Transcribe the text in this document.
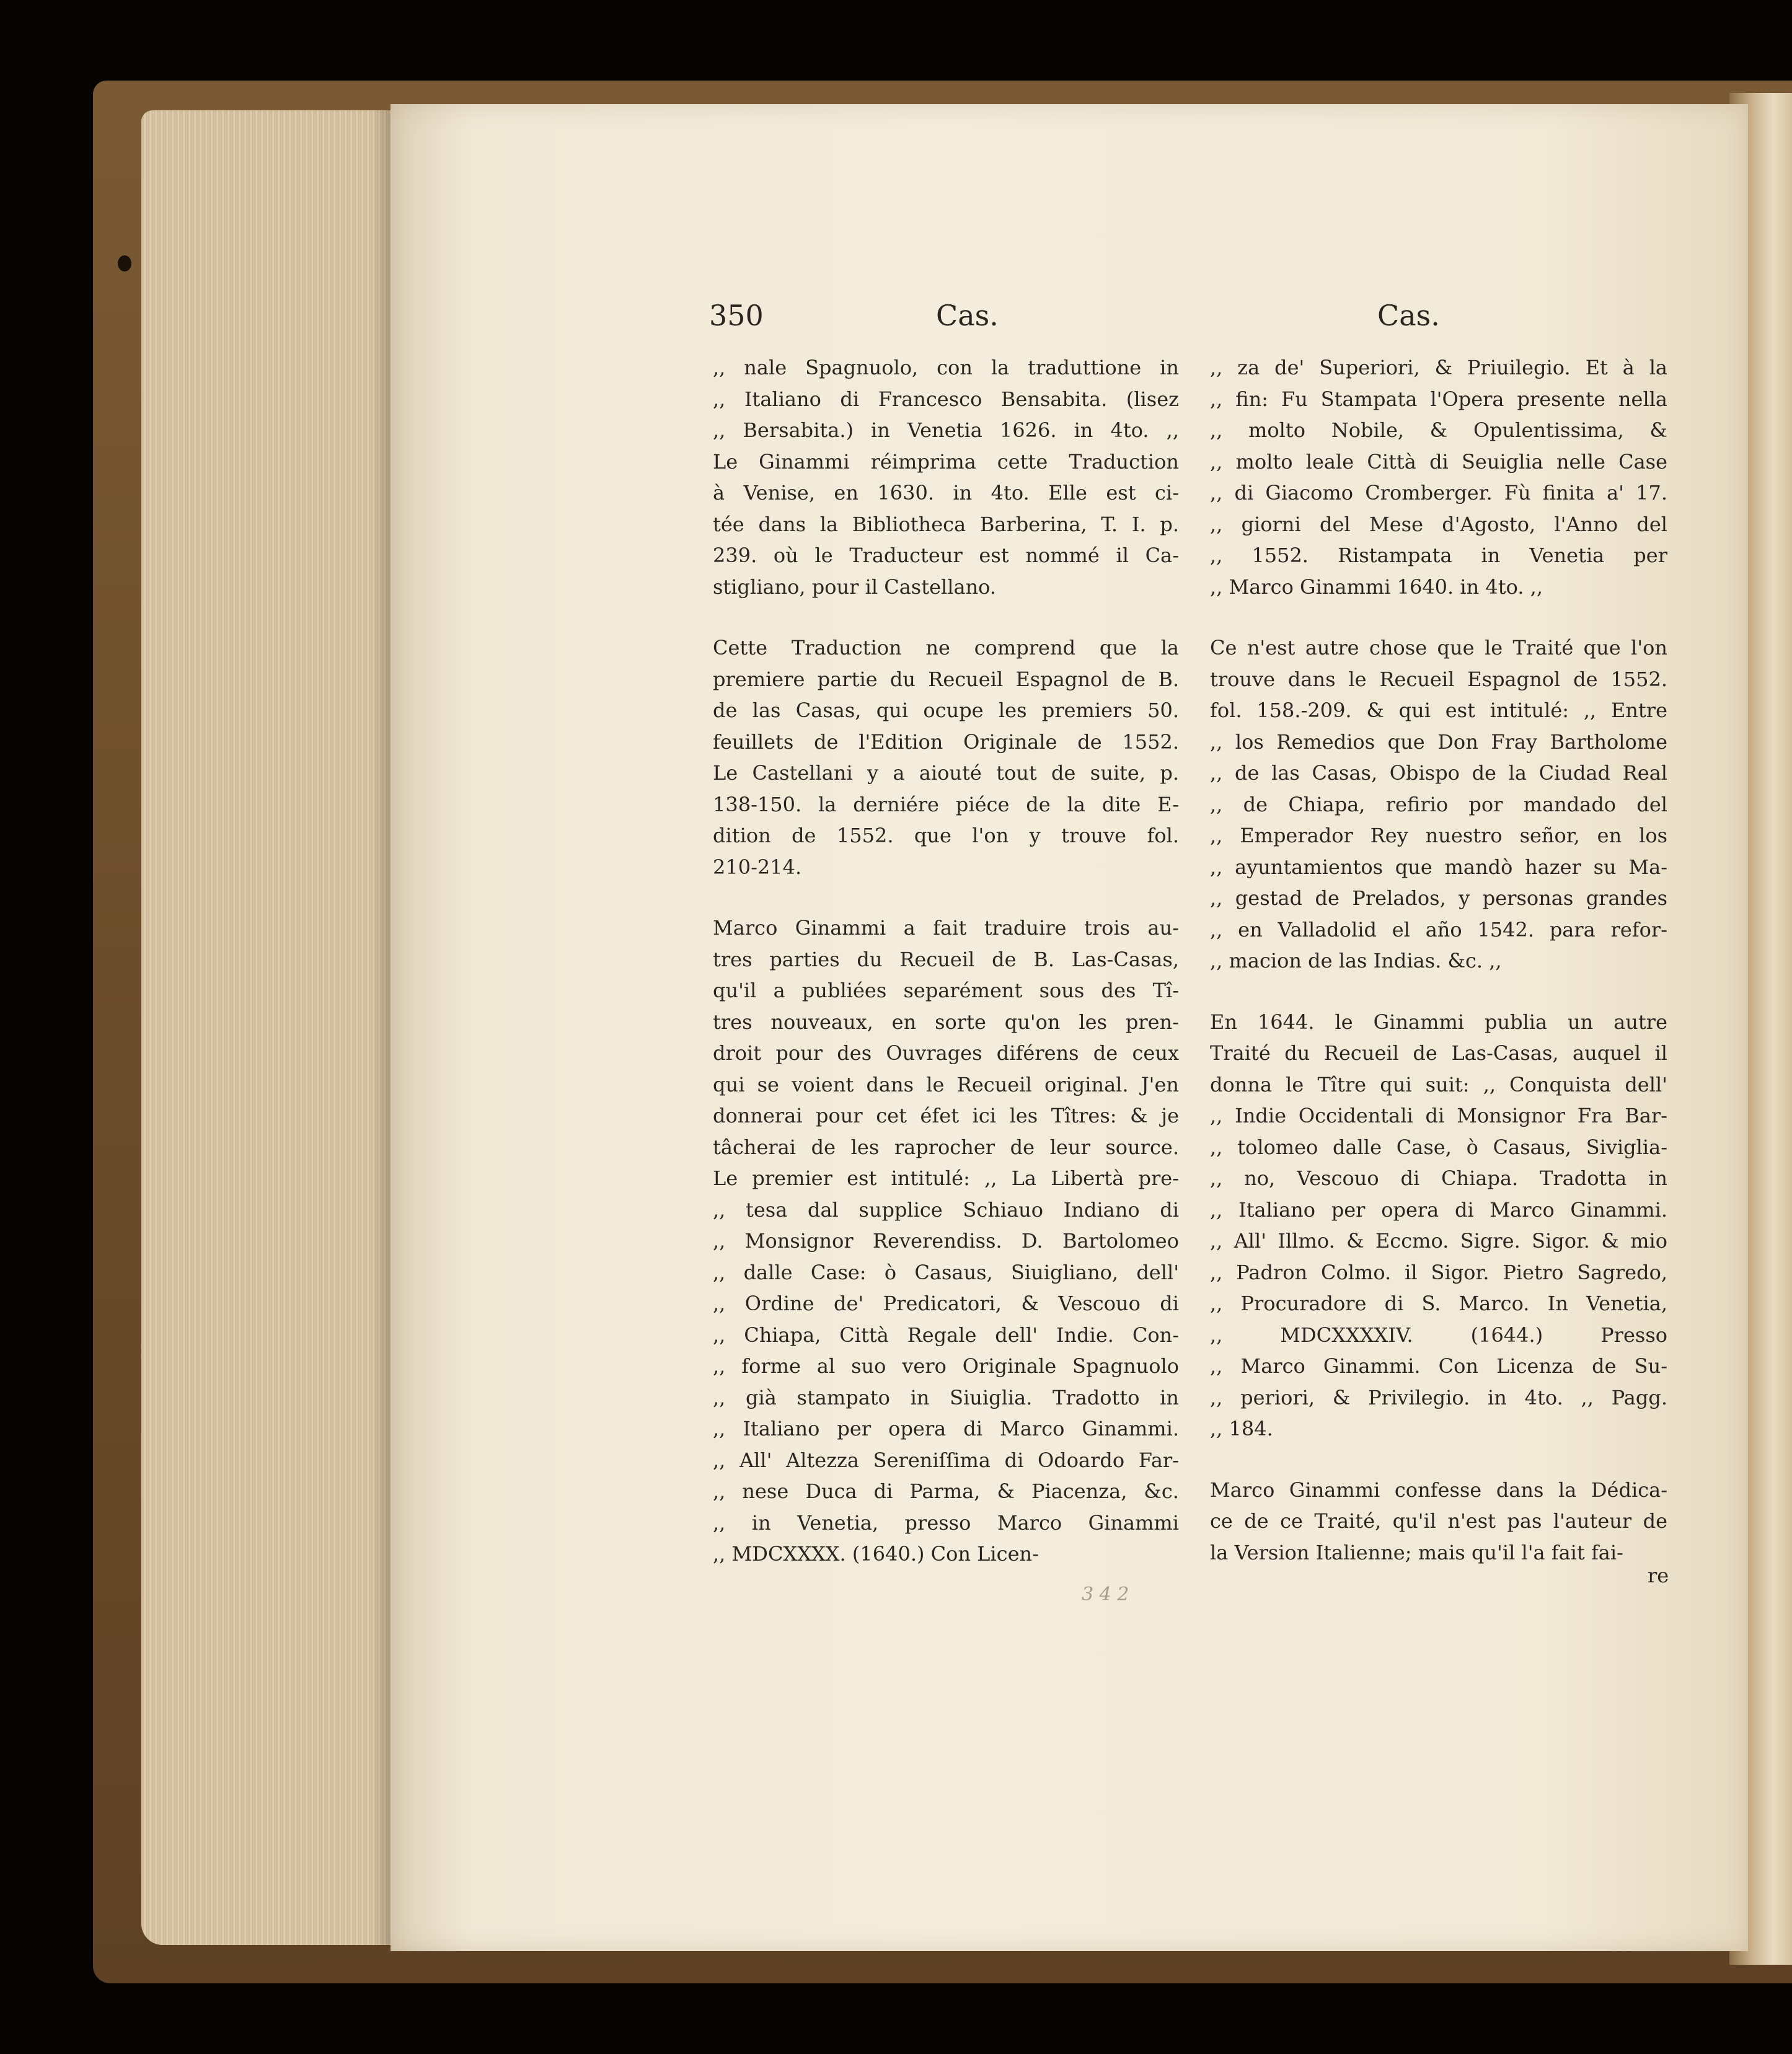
350	Cas.	Cas.
,, nale Spagnuolo, con la traduttione in
,, Italiano di Francesco Bensabita. (lisez
,, Bersabita.) in Venetia 1626. in 4to. ,,
Le Ginammi réimprima cette Traduction
à Venise, en 1630. in 4to. Elle est ci-
tée dans la Bibliotheca Barberina, T. I. p.
239. où le Traducteur est nommé il Ca-
stigliano, pour il Castellano.
Cette Traduction ne comprend que la
premiere partie du Recueil Espagnol de B.
de las Casas, qui ocupe les premiers 50.
feuillets de l'Edition Originale de 1552.
Le Castellani y a aiouté tout de suite, p.
138-150. la derniére piéce de la dite E-
dition de 1552. que l'on y trouve fol.
210-214.
Marco Ginammi a fait traduire trois au-
tres parties du Recueil de B. Las-Casas,
qu'il a publiées separément sous des Tî-
tres nouveaux, en sorte qu'on les pren-
droit pour des Ouvrages diférens de ceux
qui se voient dans le Recueil original. J'en
donnerai pour cet éfet ici les Tîtres: & je
tâcherai de les raprocher de leur source.
Le premier est intitulé: ,, La Libertà pre-
,, tesa dal supplice Schiauo Indiano di
,, Monsignor Reverendiss. D. Bartolomeo
,, dalle Case: ò Casaus, Siuigliano, dell'
,, Ordine de' Predicatori, & Vescouo di
,, Chiapa, Città Regale dell' Indie. Con-
,, forme al suo vero Originale Spagnuolo
,, già stampato in Siuiglia. Tradotto in
,, Italiano per opera di Marco Ginammi.
,, All' Altezza Sereniſſima di Odoardo Far-
,, nese Duca di Parma, & Piacenza, &c.
,, in Venetia, presso Marco Ginammi
,, MDCXXXX. (1640.) Con Licen-
,, za de' Superiori, & Priuilegio. Et à la
,, fin: Fu Stampata l'Opera presente nella
,, molto Nobile, & Opulentissima, &
,, molto leale Città di Seuiglia nelle Case
,, di Giacomo Cromberger. Fù finita a' 17.
,, giorni del Mese d'Agosto, l'Anno del
,, 1552. Ristampata in Venetia per
,, Marco Ginammi 1640. in 4to. ,,
Ce n'est autre chose que le Traité que l'on
trouve dans le Recueil Espagnol de 1552.
fol. 158.-209. & qui est intitulé: ,, Entre
,, los Remedios que Don Fray Bartholome
,, de las Casas, Obispo de la Ciudad Real
,, de Chiapa, refirio por mandado del
,, Emperador Rey nuestro señor, en los
,, ayuntamientos que mandò hazer su Ma-
,, gestad de Prelados, y personas grandes
,, en Valladolid el año 1542. para refor-
,, macion de las Indias. &c. ,,
En 1644. le Ginammi publia un autre
Traité du Recueil de Las-Casas, auquel il
donna le Tître qui suit: ,, Conquista dell'
,, Indie Occidentali di Monsignor Fra Bar-
,, tolomeo dalle Case, ò Casaus, Siviglia-
,, no, Vescouo di Chiapa. Tradotta in
,, Italiano per opera di Marco Ginammi.
,, All' Illmo. & Eccmo. Sigre. Sigor. & mio
,, Padron Colmo. il Sigor. Pietro Sagredo,
,, Procuradore di S. Marco. In Venetia,
,, MDCXXXXIV. (1644.) Presso
,, Marco Ginammi. Con Licenza de Su-
,, periori, & Privilegio. in 4to. ,, Pagg.
,, 184.
Marco Ginammi confesse dans la Dédica-
ce de ce Traité, qu'il n'est pas l'auteur de
la Version Italienne; mais qu'il l'a fait fai-
re
3 4 2
